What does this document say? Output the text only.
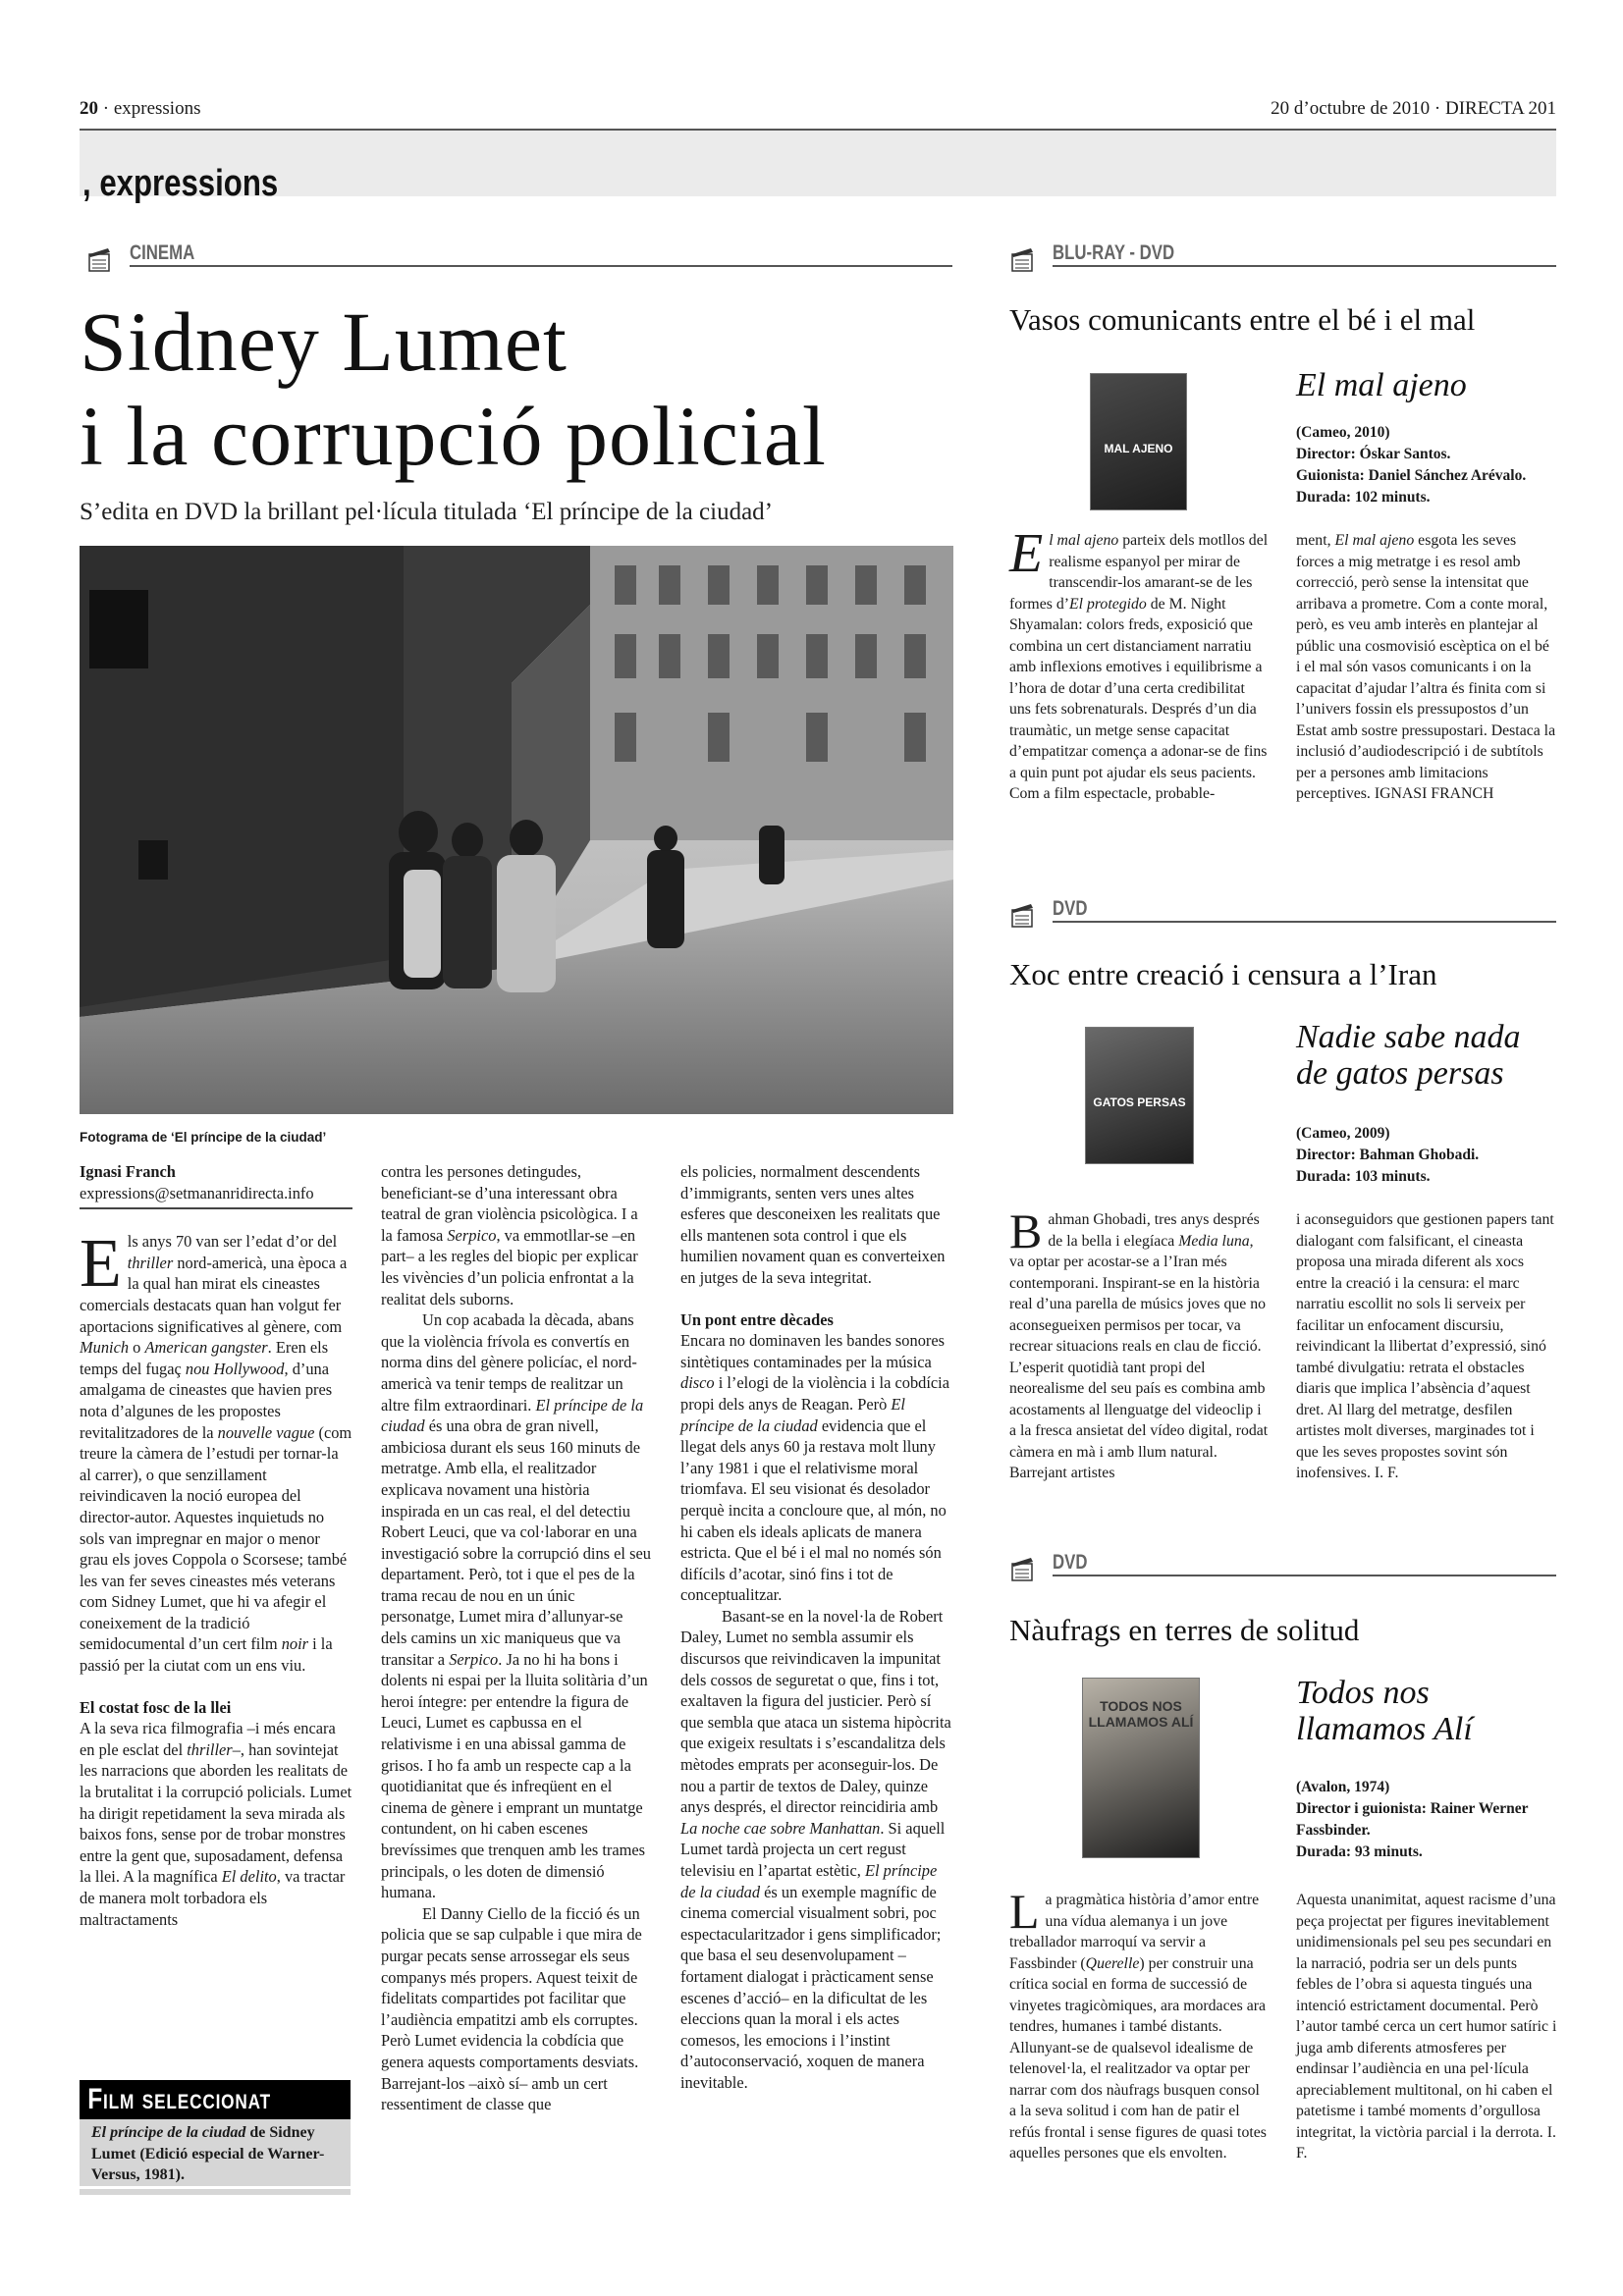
20 · expressions	20 d’octubre de 2010 · DIRECTA 201
, expressions
CINEMA
Sidney Lumet
i la corrupció policial
S’edita en DVD la brillant pel·lícula titulada ‘El príncipe de la ciudad’
Fotograma de ‘El príncipe de la ciudad’
Ignasi Franch
expressions@setmananridirecta.info
E ls anys 70 van ser l’edat d’or del thriller nord-americà, una època a la qual han mirat els cineastes comercials destacats quan han volgut fer aportacions significatives al gènere, com Munich o American gangster. Eren els temps del fugaç nou Hollywood, d’una amalgama de cineastes que havien pres nota d’algunes de les propostes revitalitzadores de la nouvelle vague (com treure la càmera de l’estudi per tornar-la al carrer), o que senzillament reivindicaven la noció europea del director-autor. Aquestes inquietuds no sols van impregnar en major o menor grau els joves Coppola o Scorsese; també les van fer seves cineastes més veterans com Sidney Lumet, que hi va afegir el coneixement de la tradició semidocumental d’un cert film noir i la passió per la ciutat com un ens viu.

El costat fosc de la llei

A la seva rica filmografia –i més encara en ple esclat del thriller–, han sovintejat les narracions que aborden les realitats de la brutalitat i la corrupció policials. Lumet ha dirigit repetidament la seva mirada als baixos fons, sense por de trobar monstres entre la gent que, suposadament, defensa la llei. A la magnífica El delito, va tractar de manera molt torbadora els maltractaments

contra les persones detingudes, beneficiant-se d’una interessant obra teatral de gran violència psicològica. I a la famosa Serpico, va emmotllar-se –en part– a les regles del biopic per explicar les vivències d’un policia enfrontat a la realitat dels suborns.

Un cop acabada la dècada, abans que la violència frívola es convertís en norma dins del gènere policíac, el nord-americà va tenir temps de realitzar un altre film extraordinari. El príncipe de la ciudad és una obra de gran nivell, ambiciosa durant els seus 160 minuts de metratge. Amb ella, el realitzador explicava novament una història inspirada en un cas real, el del detectiu Robert Leuci, que va col·laborar en una investigació sobre la corrupció dins el seu departament. Però, tot i que el pes de la trama recau de nou en un únic personatge, Lumet mira d’allunyar-se dels camins un xic maniqueus que va transitar a Serpico. Ja no hi ha bons i dolents ni espai per la lluita solitària d’un heroi íntegre: per entendre la figura de Leuci, Lumet es capbussa en el relativisme i en una abissal gamma de grisos. I ho fa amb un respecte cap a la quotidianitat que és infreqüent en el cinema de gènere i emprant un muntatge contundent, on hi caben escenes brevíssimes que trenquen amb les trames principals, o les doten de dimensió humana.

El Danny Ciello de la ficció és un policia que se sap culpable i que mira de purgar pecats sense arrossegar els seus companys més propers. Aquest teixit de fidelitats compartides pot facilitar que l’audiència empatitzi amb els corruptes. Però Lumet evidencia la cobdícia que genera aquests comportaments desviats. Barrejant-los –això sí– amb un cert ressentiment de classe que

els policies, normalment descendents d’immigrants, senten vers unes altes esferes que desconeixen les realitats que ells mantenen sota control i que els humilien novament quan es converteixen en jutges de la seva integritat.

Un pont entre dècades

Encara no dominaven les bandes sonores sintètiques contaminades per la música disco i l’elogi de la violència i la cobdícia propi dels anys de Reagan. Però El príncipe de la ciudad evidencia que el llegat dels anys 60 ja restava molt lluny l’any 1981 i que el relativisme moral triomfava. El seu visionat és desolador perquè incita a concloure que, al món, no hi caben els ideals aplicats de manera estricta. Que el bé i el mal no només són difícils d’acotar, sinó fins i tot de conceptualitzar.

Basant-se en la novel·la de Robert Daley, Lumet no sembla assumir els discursos que reivindicaven la impunitat dels cossos de seguretat o que, fins i tot, exaltaven la figura del justicier. Però sí que sembla que ataca un sistema hipòcrita que exigeix resultats i s’escandalitza dels mètodes emprats per aconseguir-los. De nou a partir de textos de Daley, quinze anys després, el director reincidiria amb La noche cae sobre Manhattan. Si aquell Lumet tardà projecta un cert regust televisiu en l’apartat estètic, El príncipe de la ciudad és un exemple magnífic de cinema comercial visualment sobri, poc espectacularitzador i gens simplificador; que basa el seu desenvolupament –fortament dialogat i pràcticament sense escenes d’acció– en la dificultat de les eleccions quan la moral i els actes comesos, les emocions i l’instint d’autoconservació, xoquen de manera inevitable.

Film seleccionat
El príncipe de la ciudad de Sidney Lumet (Edició especial de Warner-Versus, 1981).
BLU-RAY - DVD
Vasos comunicants entre el bé i el mal
MAL AJENO
El mal ajeno
(Cameo, 2010)
Director: Óskar Santos.
Guionista: Daniel Sánchez Arévalo.
Durada: 102 minuts.
E l mal ajeno parteix dels motllos del realisme espanyol per mirar de transcendir-los amarant-se de les formes d’El protegido de M. Night Shyamalan: colors freds, exposició que combina un cert distanciament narratiu amb inflexions emotives i equilibrisme a l’hora de dotar d’una certa credibilitat uns fets sobrenaturals. Després d’un dia traumàtic, un metge sense capacitat d’empatitzar comença a adonar-se de fins a quin punt pot ajudar els seus pacients. Com a film espectacle, probable-

ment, El mal ajeno esgota les seves forces a mig metratge i es resol amb correcció, però sense la intensitat que arribava a prometre. Com a conte moral, però, es veu amb interès en plantejar al públic una cosmovisió escèptica on el bé i el mal són vasos comunicants i on la capacitat d’ajudar l’altra és finita com si l’univers fossin els pressupostos d’un Estat amb sostre pressupostari. Destaca la inclusió d’audiodescripció i de subtítols per a persones amb limitacions perceptives. IGNASI FRANCH

DVD
Xoc entre creació i censura a l’Iran
GATOS PERSAS
Nadie sabe nada de gatos persas
(Cameo, 2009)
Director: Bahman Ghobadi.
Durada: 103 minuts.
B ahman Ghobadi, tres anys després de la bella i elegíaca Media luna, va optar per acostar-se a l’Iran més contemporani. Inspirant-se en la història real d’una parella de músics joves que no aconsegueixen permisos per tocar, va recrear situacions reals en clau de ficció. L’esperit quotidià tant propi del neorealisme del seu país es combina amb acostaments al llenguatge del videoclip i a la fresca ansietat del vídeo digital, rodat càmera en mà i amb llum natural. Barrejant artistes

i aconseguidors que gestionen papers tant dialogant com falsificant, el cineasta proposa una mirada diferent als xocs entre la creació i la censura: el marc narratiu escollit no sols li serveix per facilitar un enfocament discursiu, reivindicant la llibertat d’expressió, sinó també divulgatiu: retrata el obstacles diaris que implica l’absència d’aquest dret. Al llarg del metratge, desfilen artistes molt diverses, marginades tot i que les seves propostes sovint són inofensives. I. F.

DVD
Nàufrags en terres de solitud
TODOS NOS LLAMAMOS ALÍ
Todos nos llamamos Alí
(Avalon, 1974)
Director i guionista: Rainer Werner Fassbinder.
Durada: 93 minuts.
L a pragmàtica història d’amor entre una vídua alemanya i un jove treballador marroquí va servir a Fassbinder (Querelle) per construir una crítica social en forma de successió de vinyetes tragicòmiques, ara mordaces ara tendres, humanes i també distants. Allunyant-se de qualsevol idealisme de telenovel·la, el realitzador va optar per narrar com dos nàufrags busquen consol a la seva solitud i com han de patir el refús frontal i sense figures de quasi totes aquelles persones que els envolten.

Aquesta unanimitat, aquest racisme d’una peça projectat per figures inevitablement unidimensionals pel seu pes secundari en la narració, podria ser un dels punts febles de l’obra si aquesta tingués una intenció estrictament documental. Però l’autor també cerca un cert humor satíric i juga amb diferents atmosferes per endinsar l’audiència en una pel·lícula apreciablement multitonal, on hi caben el patetisme i també moments d’orgullosa integritat, la victòria parcial i la derrota. I. F.
